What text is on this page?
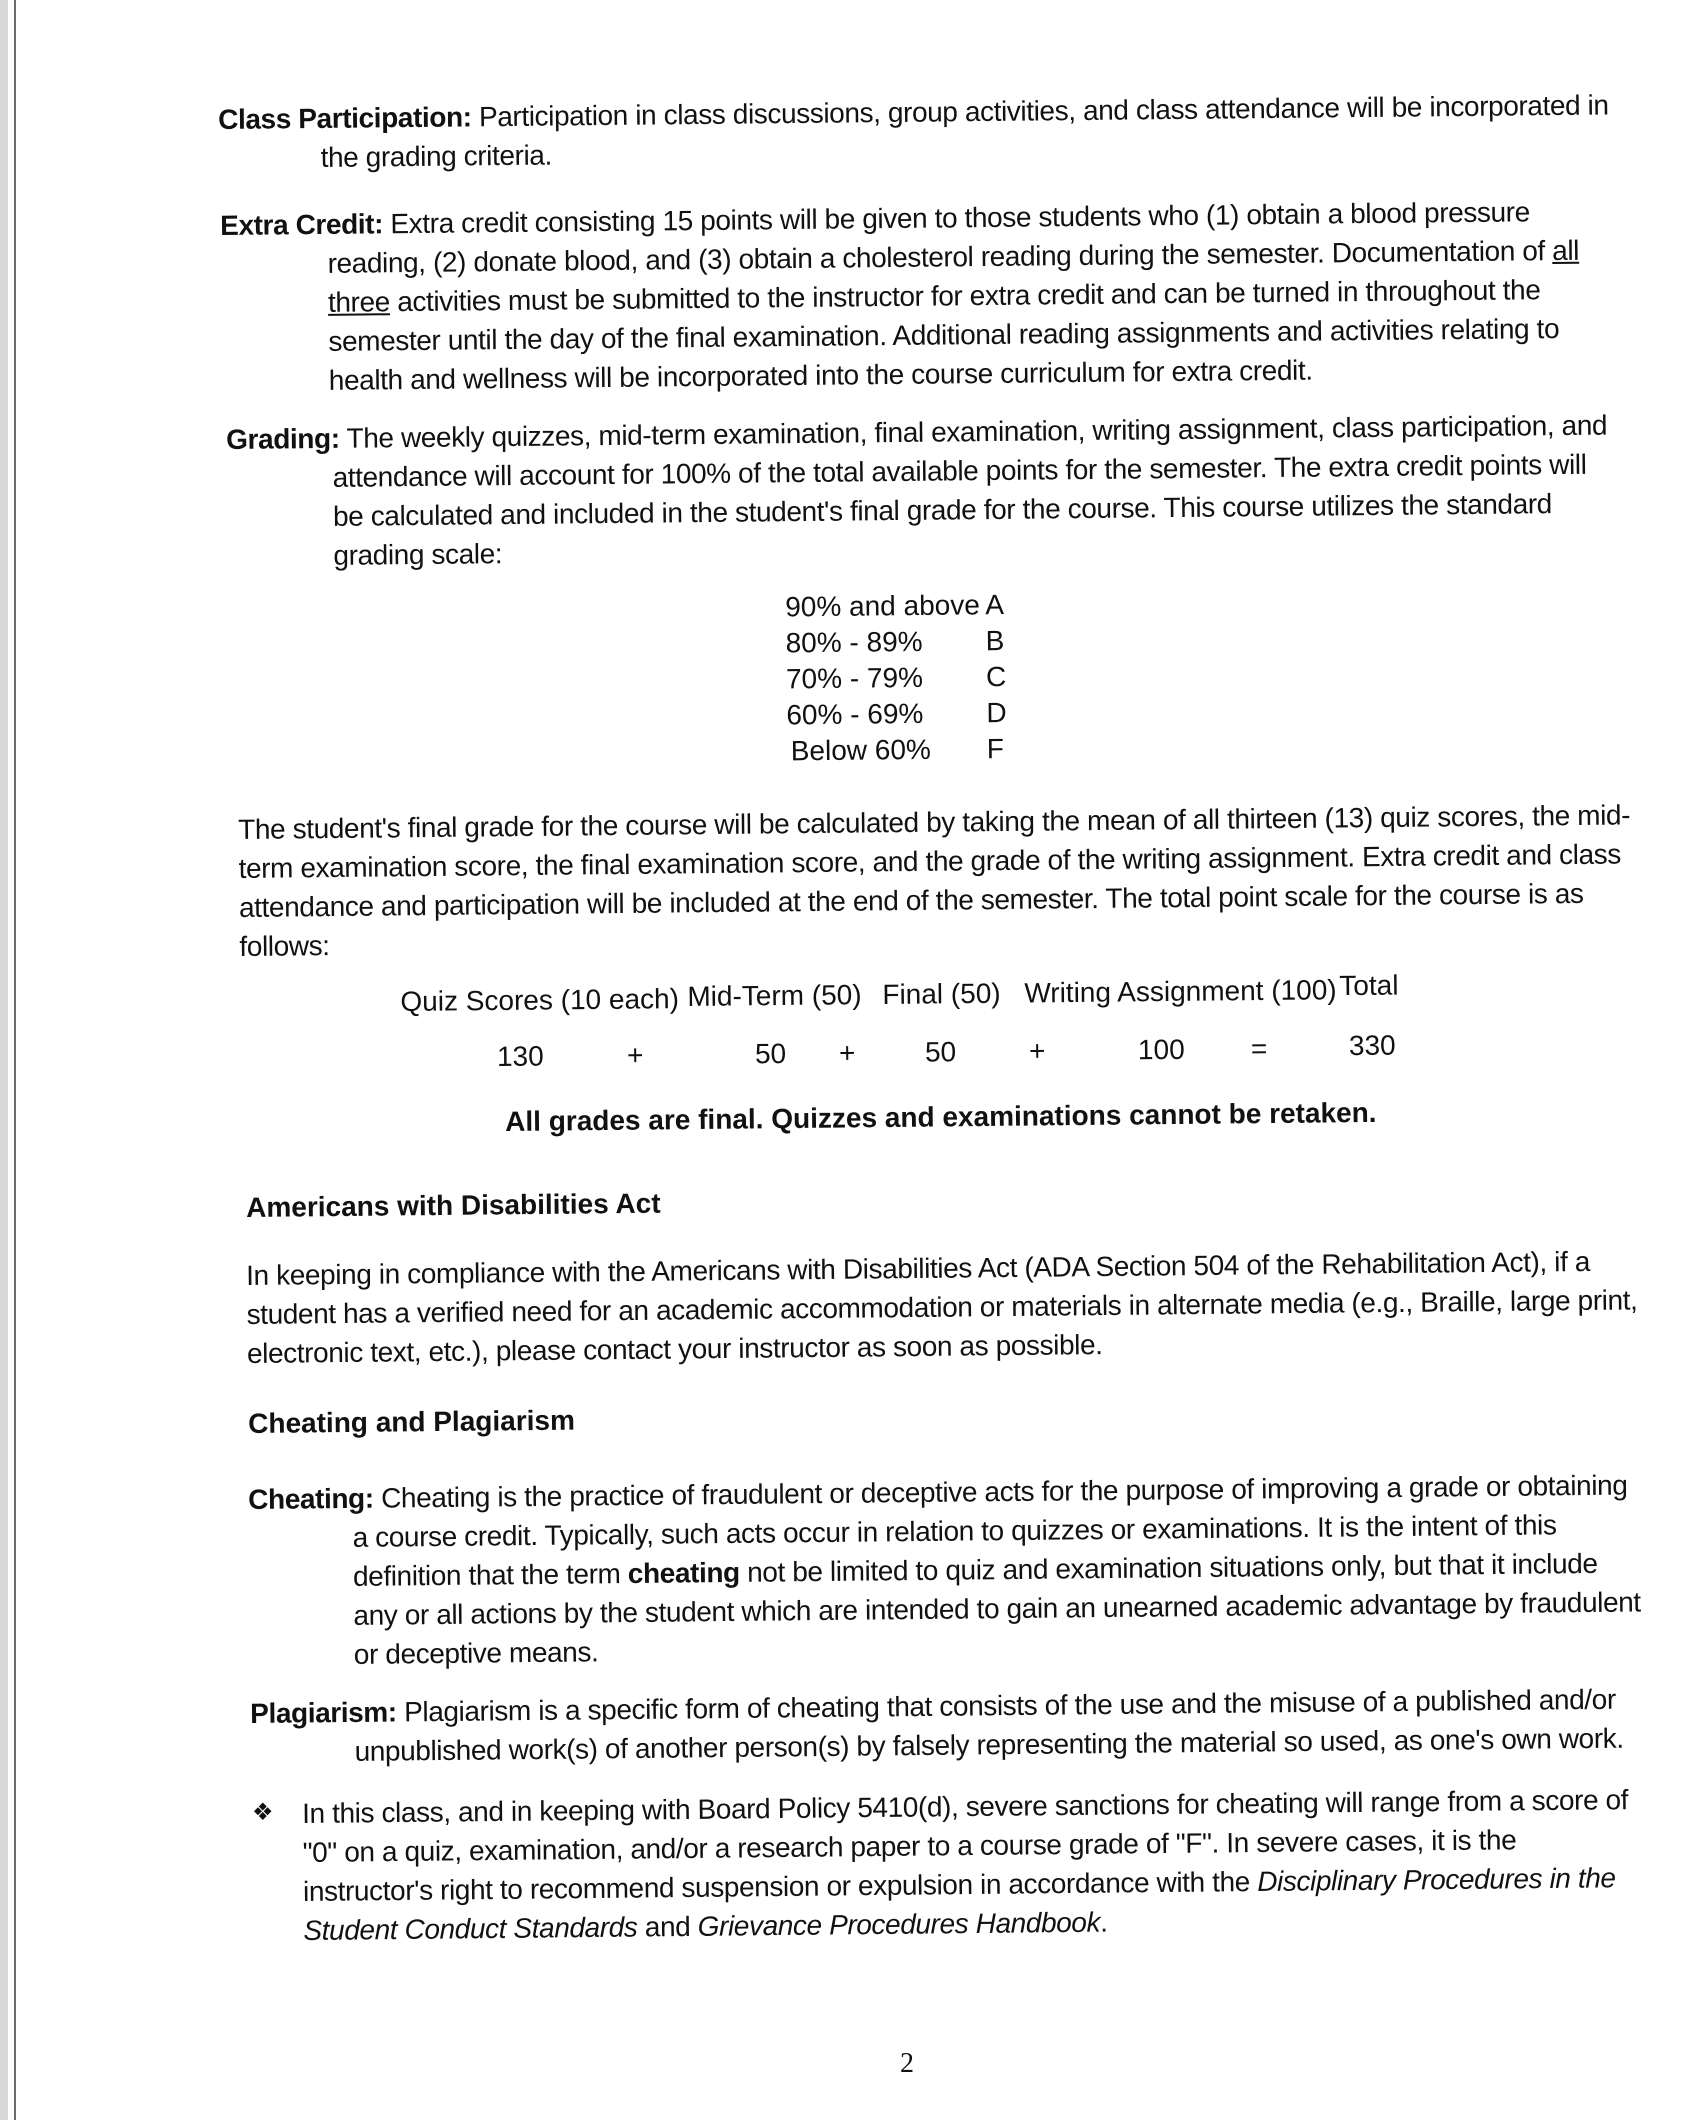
Class Participation: Participation in class discussions, group activities, and class attendance will be incorporated in
the grading criteria.
Extra Credit: Extra credit consisting 15 points will be given to those students who (1) obtain a blood pressure
reading, (2) donate blood, and (3) obtain a cholesterol reading during the semester. Documentation of all
three activities must be submitted to the instructor for extra credit and can be turned in throughout the
semester until the day of the final examination. Additional reading assignments and activities relating to
health and wellness will be incorporated into the course curriculum for extra credit.
Grading: The weekly quizzes, mid-term examination, final examination, writing assignment, class participation, and
attendance will account for 100% of the total available points for the semester. The extra credit points will
be calculated and included in the student's final grade for the course. This course utilizes the standard
grading scale:
90% and above A
80% - 89% B
70% - 79% C
60% - 69% D
Below 60% F
The student's final grade for the course will be calculated by taking the mean of all thirteen (13) quiz scores, the mid-
term examination score, the final examination score, and the grade of the writing assignment. Extra credit and class
attendance and participation will be included at the end of the semester. The total point scale for the course is as
follows:
Quiz Scores (10 each) Mid-Term (50) Final (50) Writing Assignment (100) Total
130	+	50 + 50	+	100 =	330
All grades are final. Quizzes and examinations cannot be retaken.
Americans with Disabilities Act
In keeping in compliance with the Americans with Disabilities Act (ADA Section 504 of the Rehabilitation Act), if a
student has a verified need for an academic accommodation or materials in alternate media (e.g., Braille, large print,
electronic text, etc.), please contact your instructor as soon as possible.
Cheating and Plagiarism
Cheating: Cheating is the practice of fraudulent or deceptive acts for the purpose of improving a grade or obtaining
a course credit. Typically, such acts occur in relation to quizzes or examinations. It is the intent of this
definition that the term cheating not be limited to quiz and examination situations only, but that it include
any or all actions by the student which are intended to gain an unearned academic advantage by fraudulent
or deceptive means.
Plagiarism: Plagiarism is a specific form of cheating that consists of the use and the misuse of a published and/or
unpublished work(s) of another person(s) by falsely representing the material so used, as one's own work.
❖ In this class, and in keeping with Board Policy 5410(d), severe sanctions for cheating will range from a score of
"0" on a quiz, examination, and/or a research paper to a course grade of "F". In severe cases, it is the
instructor's right to recommend suspension or expulsion in accordance with the Disciplinary Procedures in the
Student Conduct Standards and Grievance Procedures Handbook.
2
